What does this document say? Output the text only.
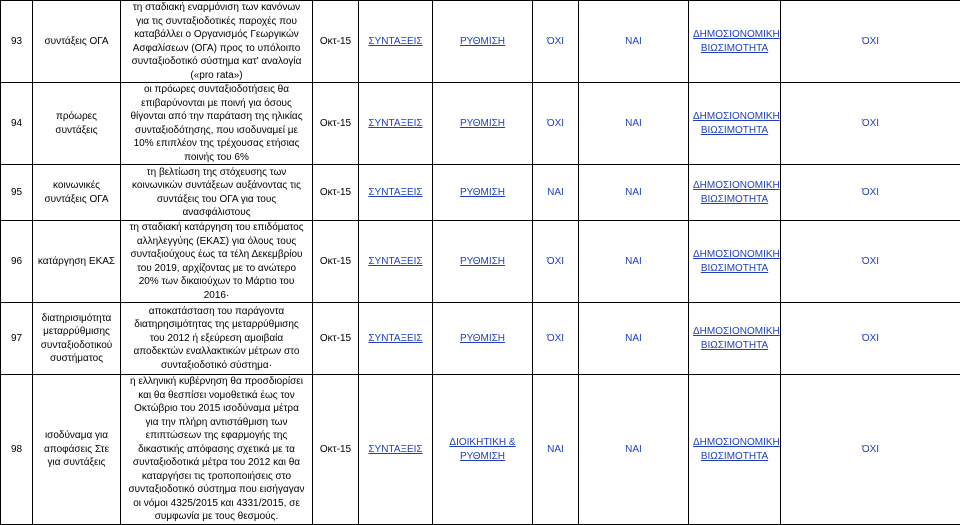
93	συντάξεις ΟΓΑ	τη σταδιακή εναρμόνιση των κανόνων για τις συνταξιοδοτικές παροχές που καταβάλλει ο Οργανισμός Γεωργικών Ασφαλίσεων (ΟΓΑ) προς το υπόλοιπο συνταξιοδοτικό σύστημα κατ' αναλογία («pro rata»)	Οκτ-15	ΣΥΝΤΑΞΕΙΣ	ΡΥΘΜΙΣΗ	ΌΧΙ	ΝΑΙ	ΔΗΜΟΣΙΟΝΟΜΙΚΗ ΒΙΩΣΙΜΟΤΗΤΑ	ΌΧΙ
94	πρόωρες συντάξεις	οι πρόωρες συνταξιοδοτήσεις θα επιβαρύνονται με ποινή για όσους θίγονται από την παράταση της ηλικίας συνταξιοδότησης, που ισοδυναμεί με 10% επιπλέον της τρέχουσας ετήσιας ποινής του 6%	Οκτ-15	ΣΥΝΤΑΞΕΙΣ	ΡΥΘΜΙΣΗ	ΌΧΙ	ΝΑΙ	ΔΗΜΟΣΙΟΝΟΜΙΚΗ ΒΙΩΣΙΜΟΤΗΤΑ	ΌΧΙ
95	κοινωνικές συντάξεις ΟΓΑ	τη βελτίωση της στόχευσης των κοινωνικών συντάξεων αυξάνοντας τις συντάξεις του ΟΓΑ για τους ανασφάλιστους	Οκτ-15	ΣΥΝΤΑΞΕΙΣ	ΡΥΘΜΙΣΗ	ΝΑΙ	ΝΑΙ	ΔΗΜΟΣΙΟΝΟΜΙΚΗ ΒΙΩΣΙΜΟΤΗΤΑ	ΌΧΙ
96	κατάργηση ΕΚΑΣ	τη σταδιακή κατάργηση του επιδόματος αλληλεγγύης (ΕΚΑΣ) για όλους τους συνταξιούχους έως τα τέλη Δεκεμβρίου του 2019, αρχίζοντας με το ανώτερο 20% των δικαιούχων το Μάρτιο του 2016·	Οκτ-15	ΣΥΝΤΑΞΕΙΣ	ΡΥΘΜΙΣΗ	ΌΧΙ	ΝΑΙ	ΔΗΜΟΣΙΟΝΟΜΙΚΗ ΒΙΩΣΙΜΟΤΗΤΑ	ΌΧΙ
97	διατηρισιμότητα μεταρρύθμισης συνταξιοδοτικού συστήματος	αποκατάσταση του παράγοντα διατηρησιμότητας της μεταρρύθμισης του 2012 ή εξεύρεση αμοιβαία αποδεκτών εναλλακτικών μέτρων στο συνταξιοδοτικό σύστημα·	Οκτ-15	ΣΥΝΤΑΞΕΙΣ	ΡΥΘΜΙΣΗ	ΌΧΙ	ΝΑΙ	ΔΗΜΟΣΙΟΝΟΜΙΚΗ ΒΙΩΣΙΜΟΤΗΤΑ	ΌΧΙ
98	ισοδύναμα για αποφάσεις Στε για συντάξεις	η ελληνική κυβέρνηση θα προσδιορίσει και θα θεσπίσει νομοθετικά έως τον Οκτώβριο του 2015 ισοδύναμα μέτρα για την πλήρη αντιστάθμιση των επιπτώσεων της εφαρμογής της δικαστικής απόφασης σχετικά με τα συνταξιοδοτικά μέτρα του 2012 και θα καταργήσει τις τροποποιήσεις στο συνταξιοδοτικό σύστημα που εισήγαγαν οι νόμοι 4325/2015 και 4331/2015, σε συμφωνία με τους θεσμούς.	Οκτ-15	ΣΥΝΤΑΞΕΙΣ	ΔΙΟΙΚΗΤΙΚΗ & ΡΥΘΜΙΣΗ	ΝΑΙ	ΝΑΙ	ΔΗΜΟΣΙΟΝΟΜΙΚΗ ΒΙΩΣΙΜΟΤΗΤΑ	ΌΧΙ
